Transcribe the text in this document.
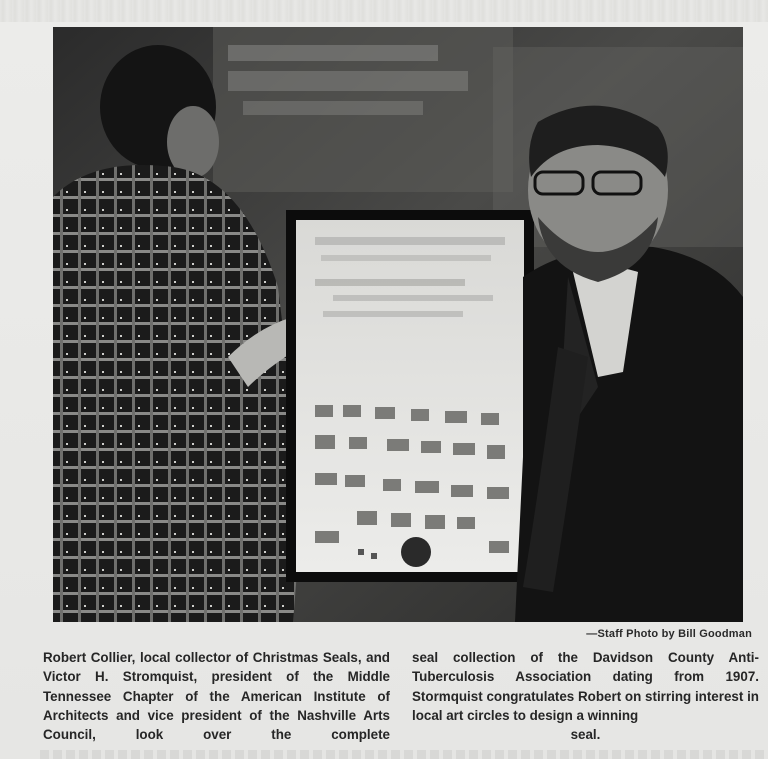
—Staff Photo by Bill Goodman
Robert Collier, local collector of Christmas Seals, and Victor H. Stromquist, president of the Middle Tennessee Chapter of the American Institute of Architects and vice president of the Nashville Arts Council, look over the complete
seal collection of the Davidson County Anti-Tuberculosis Association dating from 1907. Stormquist congratulates Robert on stirring interest in local art circles to design a winning
seal.
